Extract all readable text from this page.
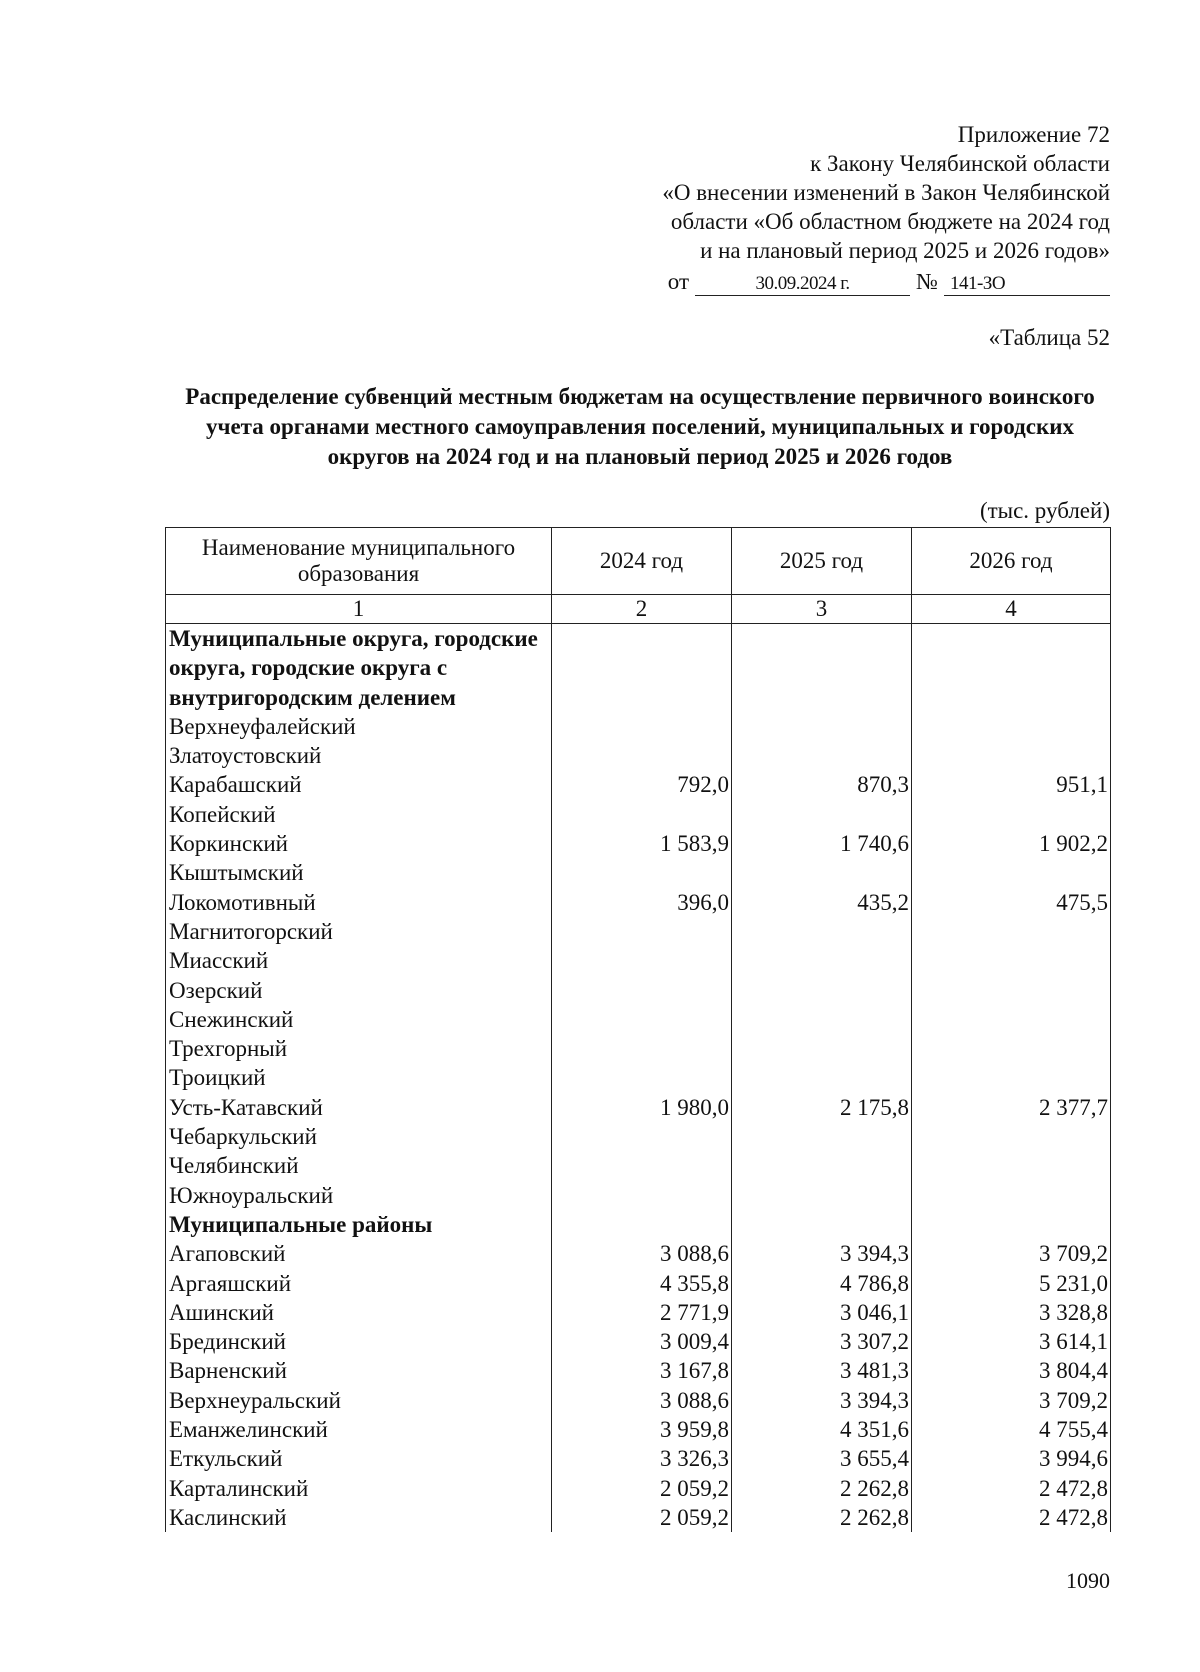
Приложение 72
к Закону Челябинской области
«О внесении изменений в Закон Челябинской
области «Об областном бюджете на 2024 год
и на плановый период 2025 и 2026 годов»
от	30.09.2024 г.	№ 141-ЗО
«Таблица 52
Распределение субвенций местным бюджетам на осуществление первичного воинского учета органами местного самоуправления поселений, муниципальных и городских округов на 2024 год и на плановый период 2025 и 2026 годов
(тыс. рублей)
Наименование муниципального образования	2024 год	2025 год	2026 год
1	2	3	4
Муниципальные округа, городские округа, городские округа с внутригородским делением			
Верхнеуфалейский			
Златоустовский			
Карабашский	792,0	870,3	951,1
Копейский			
Коркинский	1 583,9	1 740,6	1 902,2
Кыштымский			
Локомотивный	396,0	435,2	475,5
Магнитогорский			
Миасский			
Озерский			
Снежинский			
Трехгорный			
Троицкий			
Усть-Катавский	1 980,0	2 175,8	2 377,7
Чебаркульский			
Челябинский			
Южноуральский			
Муниципальные районы			
Агаповский	3 088,6	3 394,3	3 709,2
Аргаяшский	4 355,8	4 786,8	5 231,0
Ашинский	2 771,9	3 046,1	3 328,8
Брединский	3 009,4	3 307,2	3 614,1
Варненский	3 167,8	3 481,3	3 804,4
Верхнеуральский	3 088,6	3 394,3	3 709,2
Еманжелинский	3 959,8	4 351,6	4 755,4
Еткульский	3 326,3	3 655,4	3 994,6
Карталинский	2 059,2	2 262,8	2 472,8
Каслинский	2 059,2	2 262,8	2 472,8
1090
